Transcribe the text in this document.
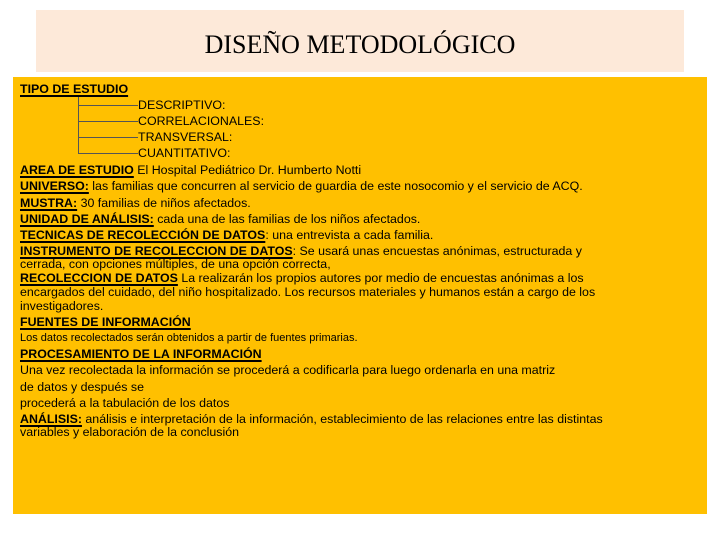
DISEÑO METODOLÓGICO
TIPO DE ESTUDIO
DESCRIPTIVO:
CORRELACIONALES:
TRANSVERSAL:
CUANTITATIVO:
AREA DE ESTUDIO El Hospital Pediátrico Dr. Humberto Notti
UNIVERSO: las familias que concurren al servicio de guardia de este nosocomio y el servicio de ACQ.
MUSTRA: 30 familias de niños afectados.
UNIDAD DE ANÁLISIS: cada una de las familias de los niños afectados.
TECNICAS DE RECOLECCIÓN DE DATOS: una entrevista a cada familia.
INSTRUMENTO DE RECOLECCION DE DATOS: Se usará unas encuestas anónimas, estructurada y
cerrada, con opciones múltiples, de una opción correcta,
RECOLECCION DE DATOS La realizarán los propios autores por medio de encuestas anónimas a los
encargados del cuidado, del niño hospitalizado. Los recursos materiales y humanos están a cargo de los
investigadores.
FUENTES DE INFORMACIÓN
Los datos recolectados serán obtenidos a partir de fuentes primarias.
PROCESAMIENTO DE LA INFORMACIÓN
Una vez recolectada la información se procederá a codificarla para luego ordenarla en una matriz
de datos y después se
procederá a la tabulación de los datos
ANÁLISIS: análisis e interpretación de la información, establecimiento de las relaciones entre las distintas
variables y elaboración de la conclusión
